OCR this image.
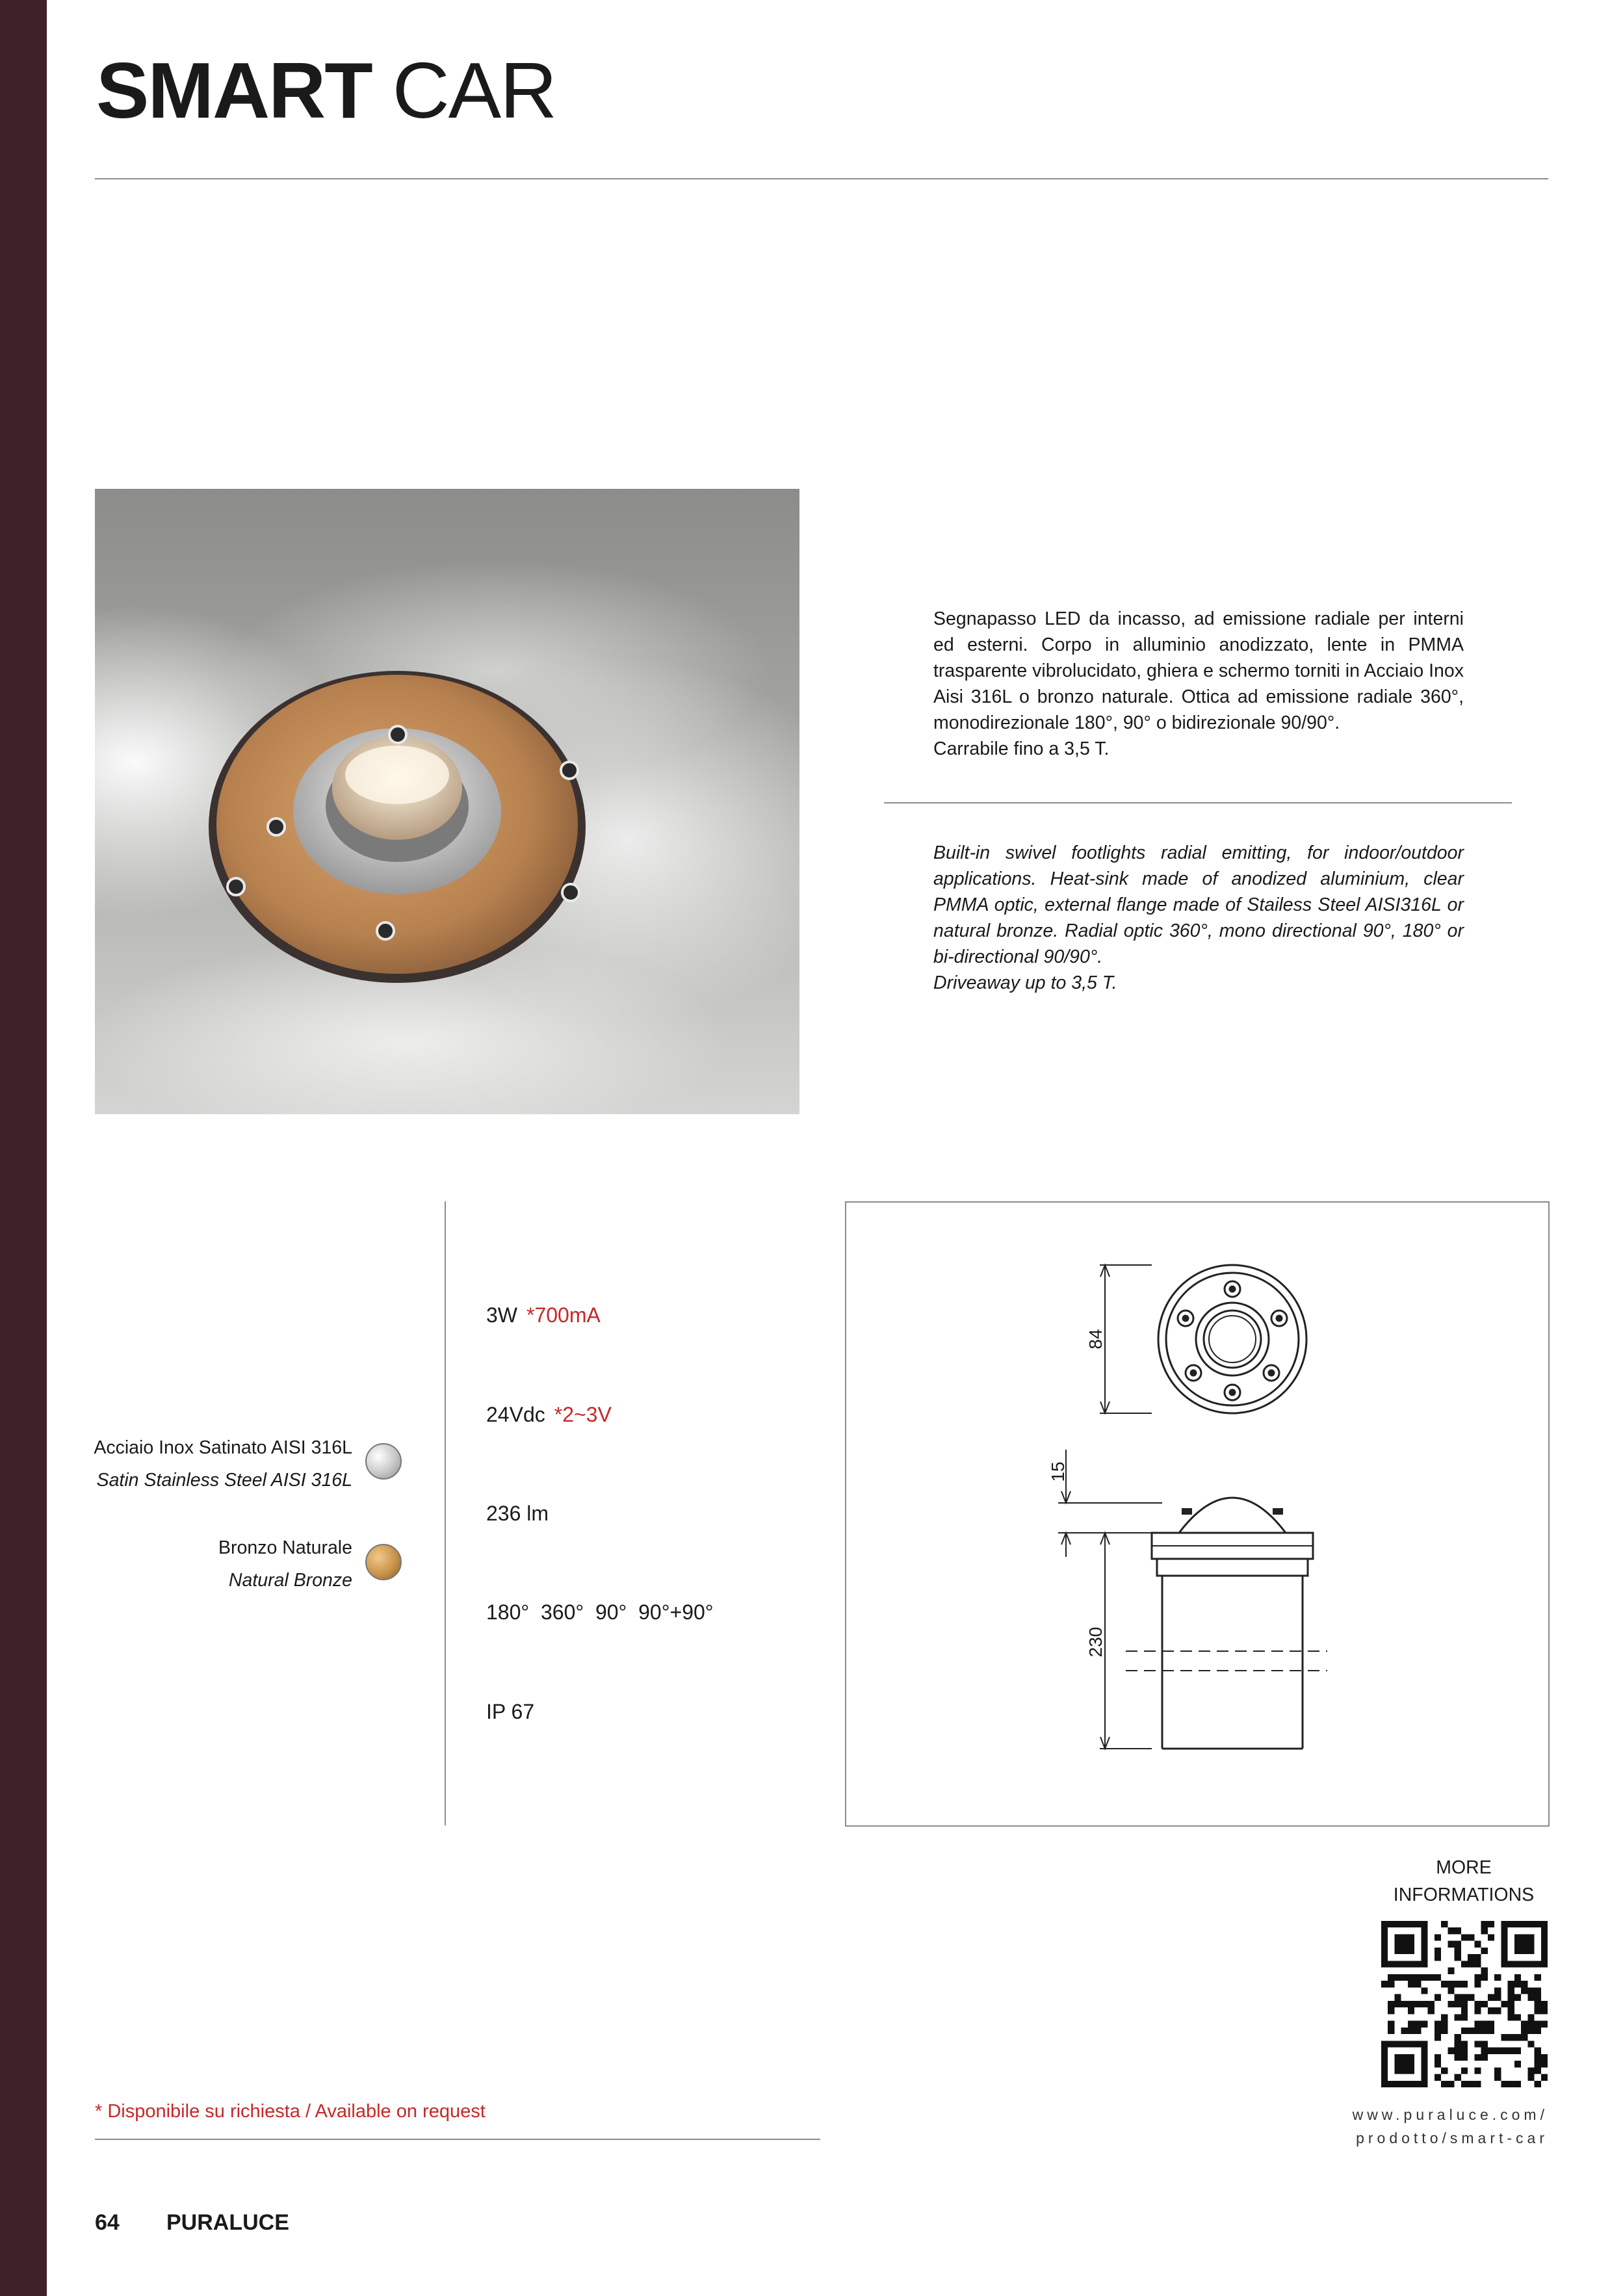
SMART CAR
Segnapasso LED da incasso, ad emissione radiale per interni ed esterni. Corpo in alluminio anodizzato, lente in PMMA trasparente vibrolucidato, ghiera e schermo torniti in Acciaio Inox Aisi 316L o bronzo naturale. Ottica ad emissione radiale 360°, monodirezionale 180°, 90° o bidirezionale 90/90°.
Carrabile fino a 3,5 T.
Built-in swivel footlights radial emitting, for indoor/outdoor applications. Heat-sink made of anodized aluminium, clear PMMA optic, external flange made of Stailess Steel AISI316L or natural bronze. Radial optic 360°, mono directional 90°, 180° or bi-directional 90/90°.
Driveaway up to 3,5 T.
Acciaio Inox Satinato AISI 316L
Satin Stainless Steel AISI 316L
Bronzo Naturale
Natural Bronze
3W *700mA
24Vdc *2~3V
236 lm
180°  360°  90°  90°+90°
IP 67
84
15
230
MORE
INFORMATIONS
www.puraluce.com/
prodotto/smart-car
* Disponibile su richiesta / Available on request
64 PURALUCE
